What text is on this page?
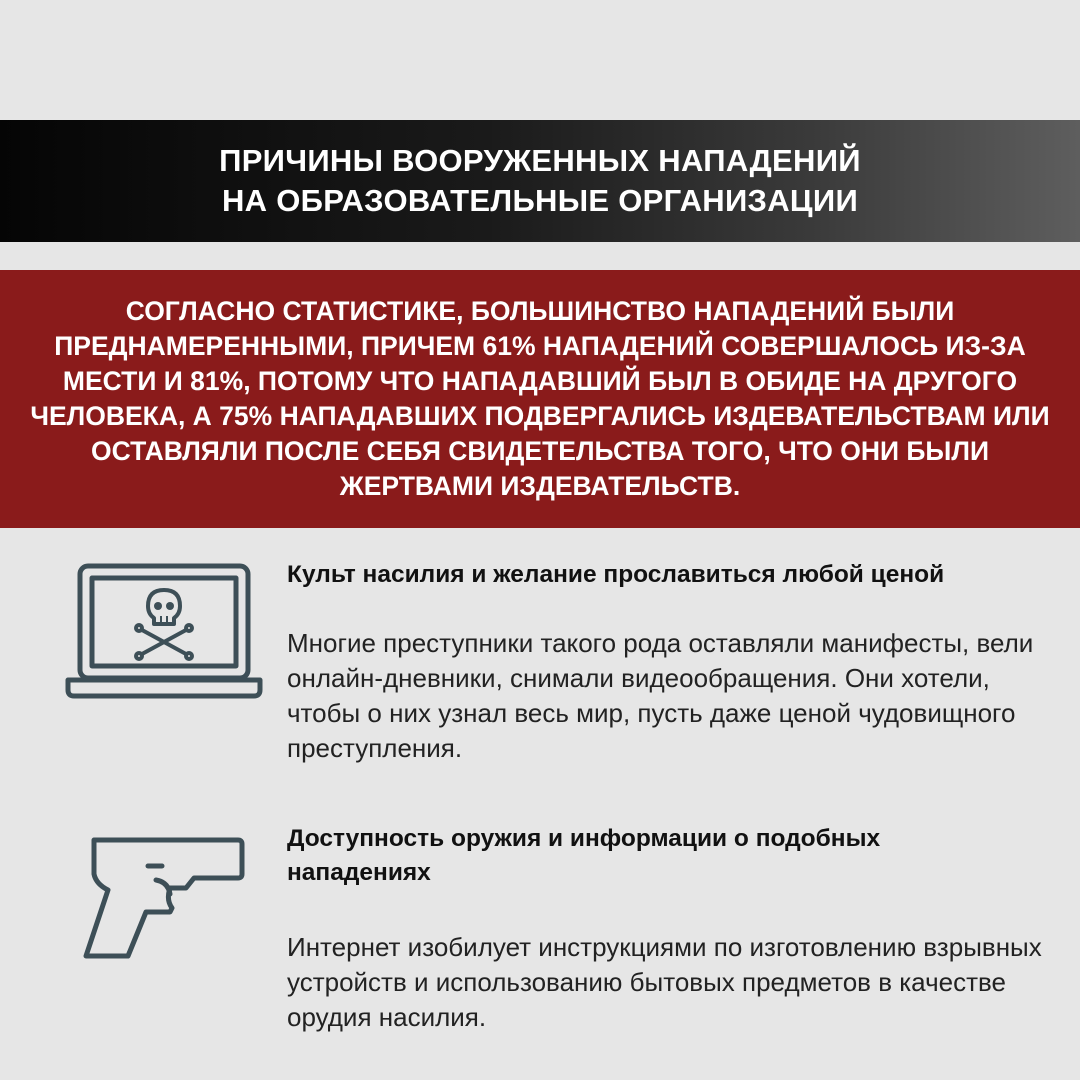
ПРИЧИНЫ ВООРУЖЕННЫХ НАПАДЕНИЙ
НА ОБРАЗОВАТЕЛЬНЫЕ ОРГАНИЗАЦИИ

СОГЛАСНО СТАТИСТИКЕ, БОЛЬШИНСТВО НАПАДЕНИЙ БЫЛИ ПРЕДНАМЕРЕННЫМИ, ПРИЧЕМ 61% НАПАДЕНИЙ СОВЕРШАЛОСЬ ИЗ-ЗА МЕСТИ И 81%, ПОТОМУ ЧТО НАПАДАВШИЙ БЫЛ В ОБИДЕ НА ДРУГОГО ЧЕЛОВЕКА, А 75% НАПАДАВШИХ ПОДВЕРГАЛИСЬ ИЗДЕВАТЕЛЬСТВАМ ИЛИ ОСТАВЛЯЛИ ПОСЛЕ СЕБЯ СВИДЕТЕЛЬСТВА ТОГО, ЧТО ОНИ БЫЛИ ЖЕРТВАМИ ИЗДЕВАТЕЛЬСТВ.

Культ насилия и желание прославиться любой ценой

Многие преступники такого рода оставляли манифесты, вели онлайн-дневники, снимали видеообращения. Они хотели, чтобы о них узнал весь мир, пусть даже ценой чудовищного преступления.

Доступность оружия и информации о подобных нападениях

Интернет изобилует инструкциями по изготовлению взрывных устройств и использованию бытовых предметов в качестве орудия насилия.
